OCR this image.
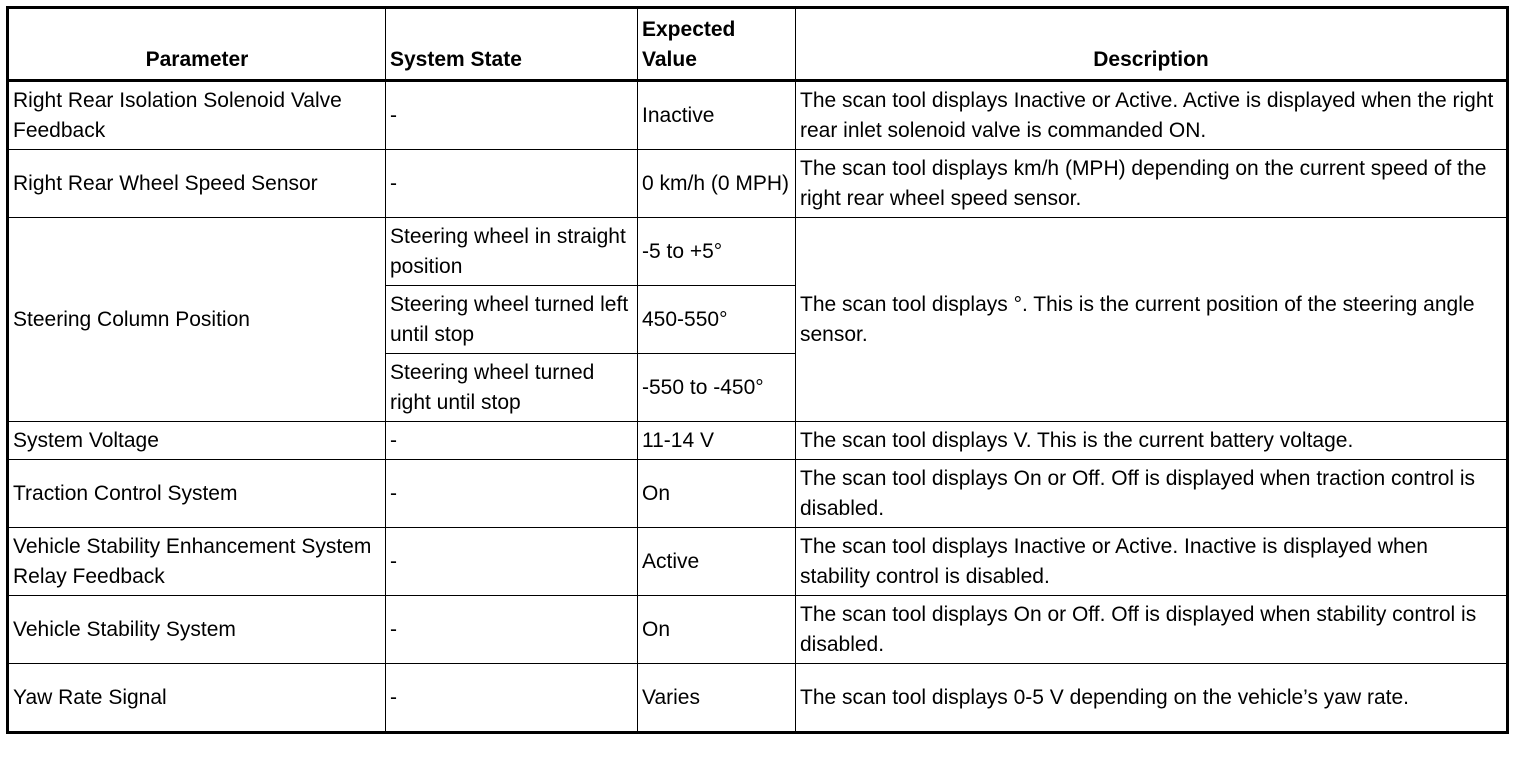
Parameter	System State	Expected Value	Description
Right Rear Isolation Solenoid Valve Feedback	-	Inactive	The scan tool displays Inactive or Active. Active is displayed when the right rear inlet solenoid valve is commanded ON.
Right Rear Wheel Speed Sensor	-	0 km/h (0 MPH)	The scan tool displays km/h (MPH) depending on the current speed of the right rear wheel speed sensor.
Steering Column Position	Steering wheel in straight position	-5 to +5°	The scan tool displays °. This is the current position of the steering angle sensor.
	Steering wheel turned left until stop	450-550°	
	Steering wheel turned right until stop	-550 to -450°	
System Voltage	-	11-14 V	The scan tool displays V. This is the current battery voltage.
Traction Control System	-	On	The scan tool displays On or Off. Off is displayed when traction control is disabled.
Vehicle Stability Enhancement System Relay Feedback	-	Active	The scan tool displays Inactive or Active. Inactive is displayed when stability control is disabled.
Vehicle Stability System	-	On	The scan tool displays On or Off. Off is displayed when stability control is disabled.
Yaw Rate Signal	-	Varies	The scan tool displays 0-5 V depending on the vehicle’s yaw rate.
